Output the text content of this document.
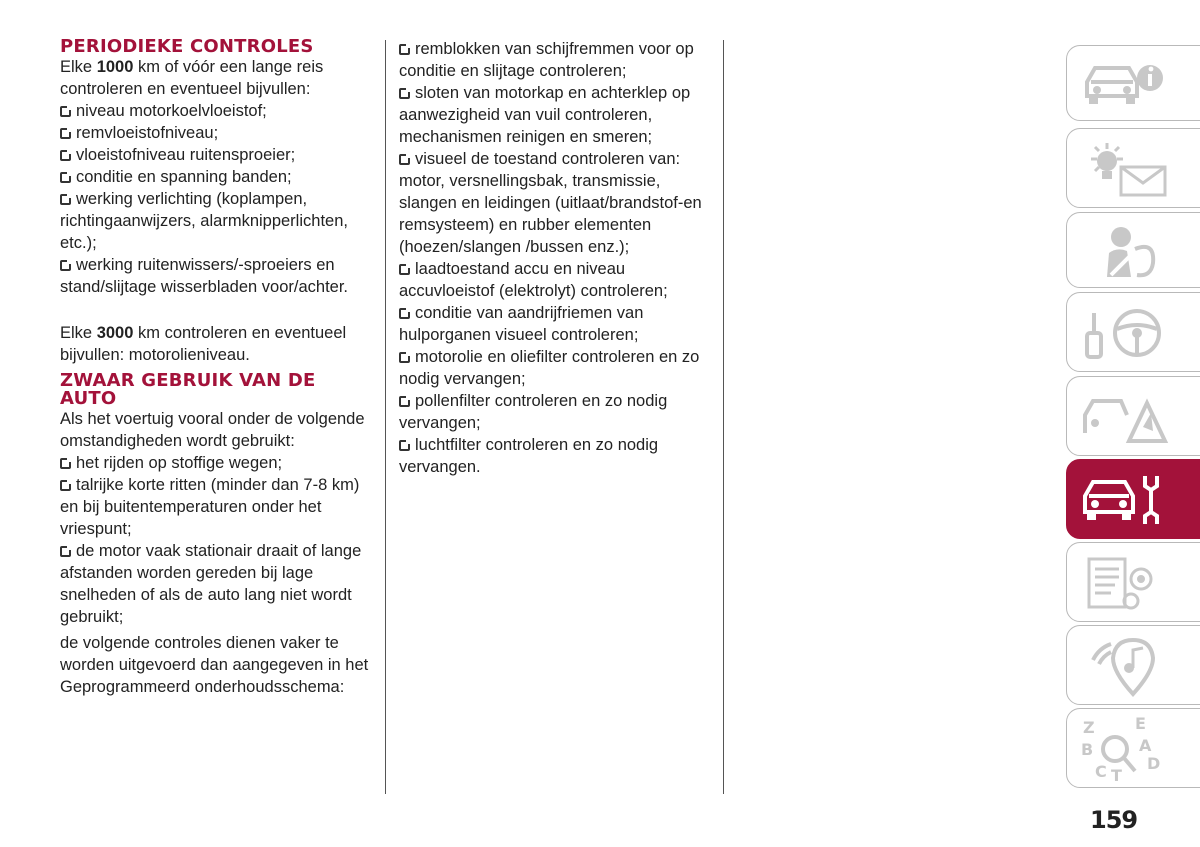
PERIODIEKE CONTROLES

Elke 1000 km of vóór een lange reis controleren en eventueel bijvullen:

niveau motorkoelvloeistof;
remvloeistofniveau;
vloeistofniveau ruitensproeier;
conditie en spanning banden;
werking verlichting (koplampen, richtingaanwijzers, alarmknipperlichten, etc.);
werking ruitenwissers/-sproeiers en stand/slijtage wisserbladen voor/achter.

Elke 3000 km controleren en eventueel bijvullen: motorolieniveau.

ZWAAR GEBRUIK VAN DE AUTO

Als het voertuig vooral onder de volgende omstandigheden wordt gebruikt:

het rijden op stoffige wegen;
talrijke korte ritten (minder dan 7-8 km) en bij buitentemperaturen onder het vriespunt;
de motor vaak stationair draait of lange afstanden worden gereden bij lage snelheden of als de auto lang niet wordt gebruikt;

de volgende controles dienen vaker te worden uitgevoerd dan aangegeven in het Geprogrammeerd onderhoudsschema:

remblokken van schijfremmen voor op conditie en slijtage controleren;
sloten van motorkap en achterklep op aanwezigheid van vuil controleren, mechanismen reinigen en smeren;
visueel de toestand controleren van: motor, versnellingsbak, transmissie, slangen en leidingen (uitlaat/brandstof-en remsysteem) en rubber elementen (hoezen/slangen /bussen enz.);
laadtoestand accu en niveau accuvloeistof (elektrolyt) controleren;
conditie van aandrijfriemen van hulporganen visueel controleren;
motorolie en oliefilter controleren en zo nodig vervangen;
pollenfilter controleren en zo nodig vervangen;
luchtfilter controleren en zo nodig vervangen.
Z	E
B	A
C T
D
159
